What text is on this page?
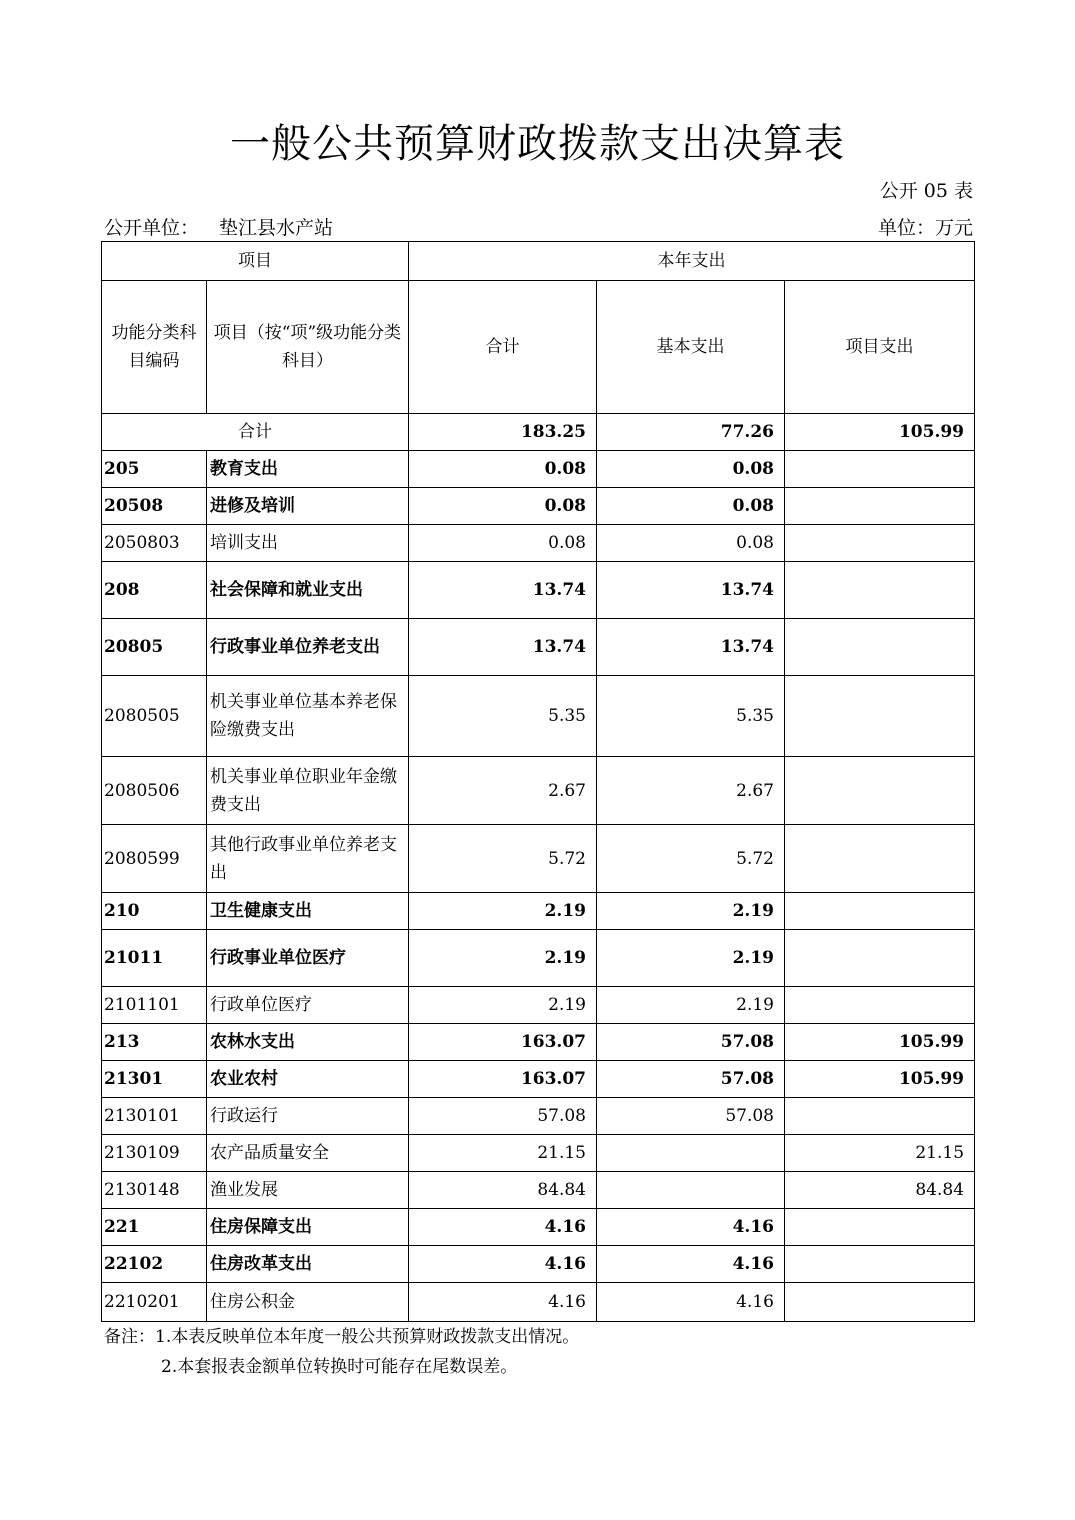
一般公共预算财政拨款支出决算表
公开 05 表
公开单位： 垫江县水产站	单位：万元
项目		本年支出		
功能分类科目编码	项目（按“项”级功能分类科目）	合计	基本支出	项目支出
合计		183.25	77.26	105.99
205	教育支出	0.08	0.08	
20508	进修及培训	0.08	0.08	
2050803	培训支出	0.08	0.08	
208	社会保障和就业支出	13.74	13.74	
20805	行政事业单位养老支出	13.74	13.74	
2080505	机关事业单位基本养老保险缴费支出	5.35	5.35	
2080506	机关事业单位职业年金缴费支出	2.67	2.67	
2080599	其他行政事业单位养老支出	5.72	5.72	
210	卫生健康支出	2.19	2.19	
21011	行政事业单位医疗	2.19	2.19	
2101101	行政单位医疗	2.19	2.19	
213	农林水支出	163.07	57.08	105.99
21301	农业农村	163.07	57.08	105.99
2130101	行政运行	57.08	57.08	
2130109	农产品质量安全	21.15		21.15
2130148	渔业发展	84.84		84.84
221	住房保障支出	4.16	4.16	
22102	住房改革支出	4.16	4.16	
2210201	住房公积金	4.16	4.16	
备注：1.本表反映单位本年度一般公共预算财政拨款支出情况。
2.本套报表金额单位转换时可能存在尾数误差。
